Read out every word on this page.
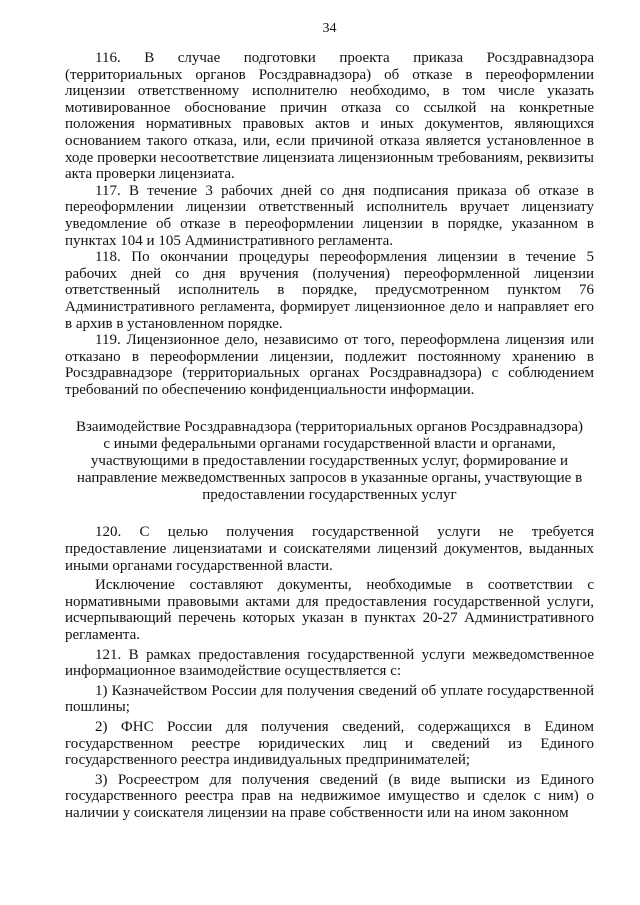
34

116. В случае подготовки проекта приказа Росздравнадзора (территориальных органов Росздравнадзора) об отказе в переоформлении лицензии ответственному исполнителю необходимо, в том числе указать мотивированное обоснование причин отказа со ссылкой на конкретные положения нормативных правовых актов и иных документов, являющихся основанием такого отказа, или, если причиной отказа является установленное в ходе проверки несоответствие лицензиата лицензионным требованиям, реквизиты акта проверки лицензиата.

117. В течение 3 рабочих дней со дня подписания приказа об отказе в переоформлении лицензии ответственный исполнитель вручает лицензиату уведомление об отказе в переоформлении лицензии в порядке, указанном в пунктах 104 и 105 Административного регламента.

118. По окончании процедуры переоформления лицензии в течение 5 рабочих дней со дня вручения (получения) переоформленной лицензии ответственный исполнитель в порядке, предусмотренном пунктом 76 Административного регламента, формирует лицензионное дело и направляет его в архив в установленном порядке.

119. Лицензионное дело, независимо от того, переоформлена лицензия или отказано в переоформлении лицензии, подлежит постоянному хранению в Росздравнадзоре (территориальных органах Росздравнадзора) с соблюдением требований по обеспечению конфиденциальности информации.

Взаимодействие Росздравнадзора (территориальных органов Росздравнадзора) с иными федеральными органами государственной власти и органами, участвующими в предоставлении государственных услуг, формирование и направление межведомственных запросов в указанные органы, участвующие в предоставлении государственных услуг

120. С целью получения государственной услуги не требуется предоставление лицензиатами и соискателями лицензий документов, выданных иными органами государственной власти.

Исключение составляют документы, необходимые в соответствии с нормативными правовыми актами для предоставления государственной услуги, исчерпывающий перечень которых указан в пунктах 20-27 Административного регламента.

121. В рамках предоставления государственной услуги межведомственное информационное взаимодействие осуществляется с:

1) Казначейством России для получения сведений об уплате государственной пошлины;

2) ФНС России для получения сведений, содержащихся в Едином государственном реестре юридических лиц и сведений из Единого государственного реестра индивидуальных предпринимателей;

3) Росреестром для получения сведений (в виде выписки из Единого государственного реестра прав на недвижимое имущество и сделок с ним) о наличии у соискателя лицензии на праве собственности или на ином законном
